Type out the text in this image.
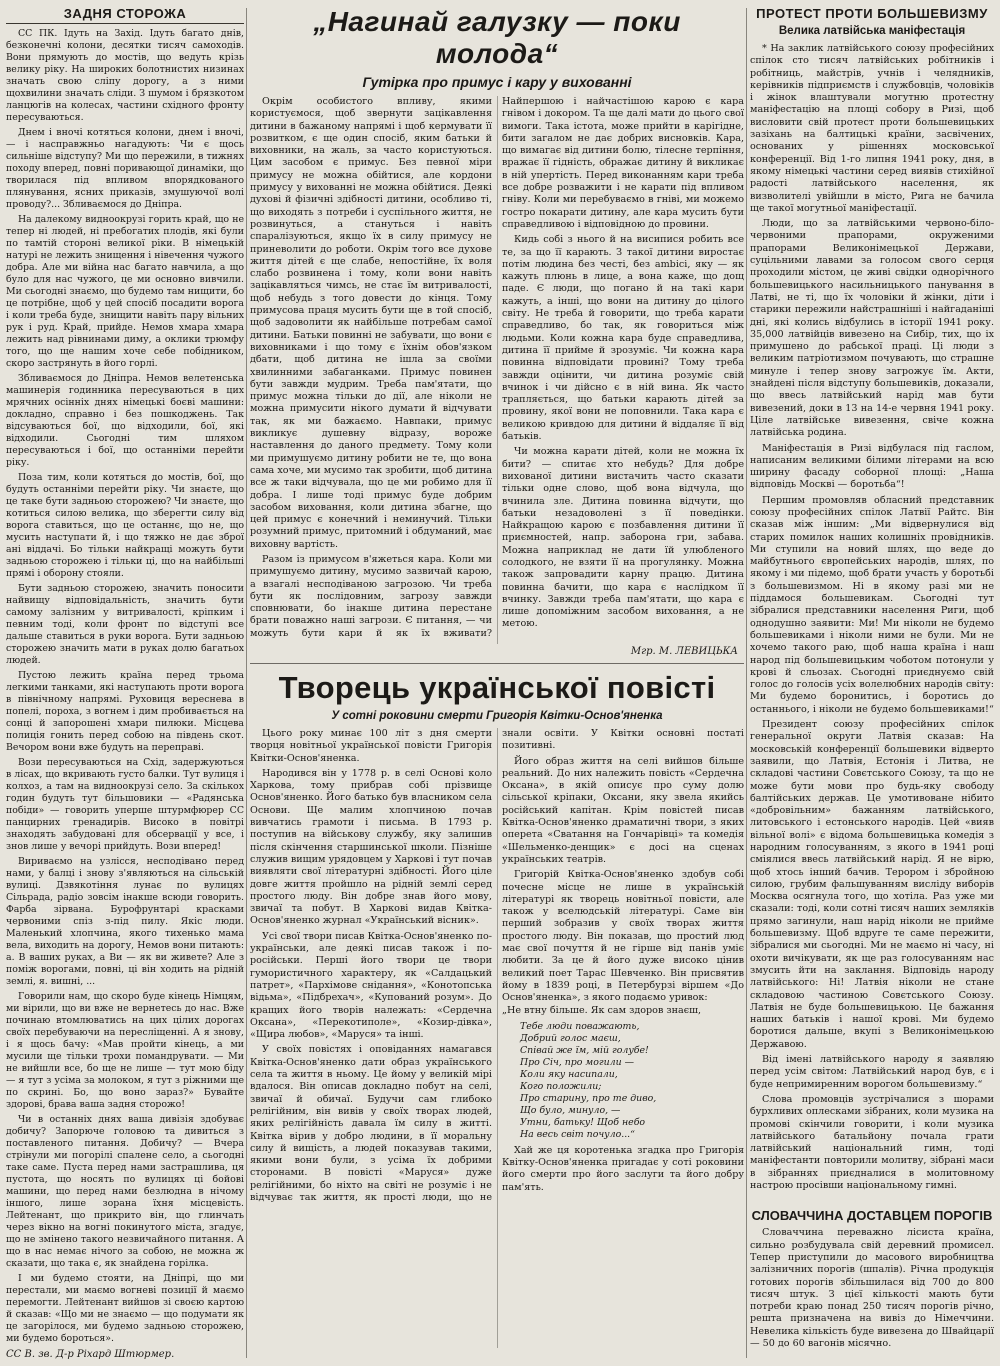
ЗАДНЯ СТОРОЖА
СС ПК. Ідуть на Захід. Ідуть багато днів, безконечні колони, десятки тисяч самоходів. Вони прямують до мостів, що ведуть крізь велику ріку. На широких болотнистих низинах значать свою сліпу дорогу, а з ними щохвилини значать сліди. З шумом і брязкотом ланцюгів на колесах, частини східного фронту пересуваються.
Днем і вночі котяться колони, днем і вночі, — і насправжньо нагадують: Чи є щось сильніше відступу? Ми що пережили, в тижнях походу вперед, повні поривающої динаміки, що творилася під впливом впорядкованого плянування, ясних приказів, змушуючої волі проводу?... Збливаємося до Дніпра.
На далекому видноокрузі горить край, що не тепер ні людей, ні пребогатих плодів, які були по тамтій стороні великої ріки. В німецькій натурі не лежить знищення і нівечення чужого добра. Але ми війна нас багато навчила, а що було для нас чужого, це ми основно вивчили. Ми сьогодні знаємо, що будемо там нищити, бо це потрібне, щоб у цей спосіб посадити ворога і коли треба буде, знищити навіть пару вільних рук і руд. Край, прийде. Немов хмара хмара лежить над рівнинами диму, а оклики трюмфу того, що ще нашим хоче себе побідником, скоро застрянуть в його горлі.
Збливаємося до Дніпра. Немов велетенська машинерія годинника пересуваються в цих мрячних осінніх днях німецькі боєві машини: докладно, справно і без пошкоджень. Так відсуваються бої, що відходили, бої, які відходили. Сьогодні тим шляхом пересуваються і бої, що останніми перейти ріку.
Поза тим, коли котяться до мостів, бої, що будуть останніми перейти ріку. Чи знаєте, що це таке бути задньою сторожею? Чи знаєте, що котиться силою велика, що зберегти силу від ворога ставиться, що це останнє, що не, що мусить наступати й, і що тяжко не дає зброї ані віддачі. Бо тільки найкращі можуть бути задньою сторожею і тільки ці, що на найбільші прямі і оборону стояли.
Бути задньою сторожею, значить поносити найвищу відповідальність, значить бути самому залізним у витривалості, кріпким і певним тоді, коли фронт по відступі все дальше ставиться в руки ворога. Бути задньою сторожею значить мати в руках долю багатьох людей.
Пустою лежить країна перед трьома легкими танками, які наступають проти ворога в північному напрямі. Руховиця вереснева в попелі, пороха, з вогнем і дим пробивається на сонці й запорошені хмари пилюки. Місцева полиція гонить перед собою на південь скот. Вечором вони вже будуть на переправі.
Вози пересуваються на Схід, задержуються в лісах, що вкривають густо балки. Тут вулиця і колхоз, а там на видноокрузі село. За скількох годин будуть тут більшовики — «Радянська побіди» — говорить уперше штурмфюрер СС панцирних гренадирів. Високо в повітрі знаходять забудовані для обсервації у все, і знов лише у вечорі прийдуть. Вози вперед!
Вириваємо на узлісся, несподівано перед нами, у балці і знову з'являються на сільській вулиці. Дзвякотіння лунає по вулицях Сільрада, радіо зовсім інакше всюди говорить. Фарба зірвана. Бурофрунтарі красками червоними спіз з-під пилу. Якіс люди. Маленький хлопчина, якого тихенько мама вела, виходить на дорогу, Немов вони питають: а. В ваших руках, а Ви — як ви живете? Але з поміж ворогами, повні, ці він ходить на рідній землі, я. вишні, ...
Говорили нам, що скоро буде кінець Німцям, ми вірили, що ви вже не вернетесь до нас. Вже починаю втомлюватись на цих цілих дорогах своїх перебуваючи на пересліщенні. А я знову, і я щось бачу: «Мав пройти кінець, а ми мусили ще тільки трохи помандрувати. — Ми не вийшли все, бо ще не лише — тут мою біду — я тут з усіма за молоком, я тут з ріжними ще по скрині. Бо, що воно зараз?» Бувайте здорові, брава ваша задня сторожо!
Чи в останніх днях ваша дивізія здобуває добичу? Запорюче головою та дивиться з поставленого питання. Добичу? — Вчера стрінули ми погорілі спалене село, а сьогодні таке саме. Пуста перед нами застрашлива, ця пустота, що носять по вулицях ці бойові машини, що перед нами безлюдна в нічому іншого, лише зорана їхня місцевість. Лейтенант, що прикрито він, що глинчать через вікно на вогні покинутого міста, згадує, що не змінено такого незвичайного питання. А що в нас немає нічого за собою, не можна ж сказати, що така є, як знайдена горілка.
І ми будемо стояти, на Дніпрі, що ми перестали, ми маємо вогневі позиції й маємо перемогти. Лейтенант вийшов зі своєю картою й сказав: «Що ми не знаємо — що подумати як це загорілося, ми будемо задньою сторожею, ми будемо бороться».
СС В. зв. Д-р Ріхард Штюрмер.
„Нагинай галузку — поки молода“
Гутірка про примус і кару у вихованні
Окрім особистого впливу, якими користуємося, щоб звернути зацікавлення дитини в бажаному напрямі і щоб кермувати її розвитком, є ще один спосіб, яким батьки й виховники, на жаль, за часто користуються. Цим засобом є примус. Без певної міри примусу не можна обійтися, але кордони примусу у вихованні не можна обійтися. Деякі духові й фізичні здібності дитини, особливо ті, що виходять з потреби і суспільного життя, не розвинуться, а стануться і навіть спаралізуються, якщо їх в силу примусу не приневолити до роботи. Окрім того все духове життя дітей є ще слабе, непостійне, їх воля слабо розвинена і тому, коли вони навіть зацікавляться чимсь, не стає їм витривалості, щоб небудь з того довести до кінця. Тому примусова праця мусить бути ще в той спосіб, щоб задоволити як найбільше потребам самої дитини. Батьки повинні не забувати, що вони є виховниками і що тому є їхнім обов'язком дбати, щоб дитина не ішла за своїми хвилинними забаганками. Примус повинен бути завжди мудрим. Треба пам'ятати, що примус можна тільки до дії, але ніколи не можна примусити нікого думати й відчувати так, як ми бажаємо. Навпаки, примус викликує душевну відразу, вороже наставлення до даного предмету. Тому коли ми примушуємо дитину робити не те, що вона сама хоче, ми мусимо так зробити, щоб дитина все ж таки відчувала, що це ми робимо для її добра. І лише тоді примус буде добрим засобом виховання, коли дитина збагне, що цей примус є конечний і неминучий. Тільки розумний примус, притомний і обдуманий, має виховну вартість.
Разом із примусом в'яжеться кара. Коли ми примушуємо дитину, мусимо зазвичай карою, а взагалі несподіваною загрозою. Чи треба бути як послідовним, загрозу завжди сповнювати, бо інакше дитина перестане брати поважно наші загрози. Є питання, — чи можуть бути кари й як їх вживати? Найпершою і найчастішою карою є кара гнівом і докором. Та ще далі мати до цього свої вимоги. Така істота, може прийти в карігідне, бити загалом не дає добрих висновків. Кара, що вимагає від дитини болю, тілесне терпіння, вражає її гідність, ображає дитину й викликає в ній упертість. Перед виконанням кари треба все добре розважити і не карати під впливом гніву. Коли ми перебуваємо в гніві, ми можемо гостро покарати дитину, але кара мусить бути справедливою і відповідною до провини.
Кидь собі з нього й на висипися робить все те, за що її карають. З такої дитини виростає потім людина без честі, без ambici, яку — як кажуть плюнь в лице, а вона каже, що дощ паде. Є люди, що погано й на такі кари кажуть, а інші, що вони на дитину до цілого світу. Не треба й говорити, що треба карати справедливо, бо так, як говориться між людьми. Коли кожна кара буде справедлива, дитина її прийме й зрозуміє. Чи кожна кара повинна відповідати провині? Тому треба завжди оцінити, чи дитина розуміє свій вчинок і чи дійсно є в ній вина. Як часто трапляється, що батьки карають дітей за провину, якої вони не поповнили. Така кара є великою кривдою для дитини й віддаляє її від батьків.
Чи можна карати дітей, коли не можна їх бити? — спитає хто небудь? Для добре вихованої дитини вистачить часто сказати тільки одне слово, щоб вона відчула, що вчинила зле. Дитина повинна відчути, що батьки незадоволені з її поведінки. Найкращою карою є позбавлення дитини її приємностей, напр. заборона гри, забава. Можна наприклад не дати їй улюбленого солодкого, не взяти її на прогулянку. Можна також запровадити карну працю. Дитина повинна бачити, що кара є наслідком її вчинку. Завжди треба пам'ятати, що кара є лише допоміжним засобом виховання, а не метою.
Мгр. М. ЛЕВИЦЬКА
Творець української повісті
У сотні роковини смерти Григорія Квітки-Основ'яненка
Цього року минає 100 літ з дня смерти творця новітньої української повісти Григорія Квітки-Основ'яненка.
Народився він у 1778 р. в селі Основі коло Харкова, тому прибрав собі прізвище Основ'яненко. Його батько був власником села Основи. Ще малим хлопчиною почав вивчатись грамоти і письма. В 1793 р. поступив на військову службу, яку залишив після скінчення старшинської школи. Пізніше служив вищим урядовцем у Харкові і тут почав виявляти свої літературні здібності. Його ціле довге життя пройшло на рідній землі серед простого люду. Він добре знав його мову, звичаї та побут. В Харкові видав Квітка-Основ'яненко журнал «Український вісник».
Усі свої твори писав Квітка-Основ'яненко по-українськи, але деякі писав також і по-російськи. Перші його твори це твори гумористичного характеру, як «Салдацький патрет», «Пархімове снідання», «Конотопська відьма», «Підбрехач», «Купований розум». До кращих його творів належать: «Сердечна Оксана», «Перекотиполе», «Козир-дівка», «Щира любов», «Маруся» та інші.
У своїх повістях і оповіданнях намагався Квітка-Основ'яненко дати образ українського села та життя в ньому. Це йому у великій мірі вдалося. Він описав докладно побут на селі, звичаї й обичаї. Будучи сам глибоко релігійним, він вивів у своїх творах людей, яких релігійність давала їм силу в житті. Квітка вірив у добро людини, в її моральну силу й вищість, а людей показував такими, якими вони були, з усіма їх добрими сторонами. В повісті «Маруся» дуже релігійними, бо ніхто на світі не розуміє і не відчуває так життя, як прості люди, що не знали освіти. У Квітки основні постаті позитивні.
Його образ життя на селі вийшов більше реальний. До них належить повість «Сердечна Оксана», в якій описує про суму долю сільської кріпаки, Оксани, яку звела якийсь російський капітан. Крім повістей писав Квітка-Основ'яненко драматичні твори, з яких оперета «Сватання на Гончарівці» та комедія «Шельменко-денщик» є досі на сценах українських театрів.
Григорій Квітка-Основ'яненко здобув собі почесне місце не лише в українській літературі як творець новітньої повісти, але також у вселюдській літературі. Саме він перший зобразив у своїх творах життя простого люду. Він показав, що простий люд має свої почуття й не гірше від панів уміє любити. За це й його дуже високо цінив великий поет Тарас Шевченко. Він присвятив йому в 1839 році, в Петербурзі віршем «До Основ'яненка», з якого подаємо уривок:
„Не втну більше. Як сам здоров знаєш,
Тебе люди поважають,
Добрий голос маєш,
Співай же їм, мій голубе!
Про Січ, про могили —
Коли яку насипали,
Кого положили;
Про старину, про те диво,
Що було, минуло, —
Утни, батьку! Щоб небо
На весь світ почуло...“
Хай же ця коротенька згадка про Григорія Квітку-Основ'яненка пригадає у соті роковини його смерти про його заслуги та його добру пам'ять.
ПРОТЕСТ ПРОТИ БОЛЬШЕВИЗМУ
Велика латвійська маніфестація
* На заклик латвійського союзу професійних спілок сто тисяч латвійських робітників і робітниць, майстрів, учнів і челядників, керівників підприємств і службовців, чоловіків і жінок влаштували могутню протестну маніфестацію на площі собору в Ризі, щоб висловити свій протест проти большевицьких зазіхань на балтицькі країни, засвічених, основаних у рішеннях московської конференції. Від 1-го липня 1941 року, дня, в якому німецькі частини серед виявів стихійної радості латвійського населення, як визволителі увійшли в місто, Рига не бачила ще такої могутньої маніфестації.
Люди, що за латвійськими червоно-біло-червоними прапорами, окруженими прапорами Великонімецької Держави, суцільними лавами за голосом свого серця проходили містом, це живі свідки однорічного большевицького насильницького панування в Латві, не ті, що їх чоловіки й жінки, діти і старики пережили найстрашніші і найгаданіші дні, які колись відбулись в історії 1941 року. 35,000 латвійців вивезено на Сибір, тих, що іх примушено до рабської праці. Ці люди з великим патріотизмом почувають, що страшне минуле і тепер знову загрожує їм. Акти, знайдені після відступу большевиків, доказали, що ввесь латвійський нарід мав бути вивезений, доки в 13 на 14-е червня 1941 року. Ціле латвійське вивезення, свіче кожна латвійська родина.
Маніфестація в Ризі відбулася під гаслом, написаним великими білими літерами на всю ширину фасаду соборної площі: „Наша відповідь Москві — боротьба“!
Першим промовляв обласний представник союзу професійних спілок Латвії Райтс. Він сказав між іншим: „Ми відвернулися від старих помилок наших колишніх провідників. Ми ступили на новий шлях, що веде до майбутнього європейських народів, шлях, по якому і ми підемо, щоб брати участь у боротьбі з большевизмом. Ні в якому разі ми не піддамося большевикам. Сьогодні тут зібралися представники населення Риги, щоб однодушно заявити: Ми! Ми ніколи не будемо большевиками і ніколи ними не були. Ми не хочемо такого раю, щоб наша країна і наш народ під большевицьким чоботом потонули у крові й сльозах. Сьогодні приєднуємо свій голос до голосів усіх волелюбних народів світу: Ми будемо боронитись, і боротись до останнього, і ніколи не будемо большевиками!“
Президент союзу професійних спілок генеральної округи Латвія сказав: На московській конференції большевики відверто заявили, що Латвія, Естонія і Литва, не складові частини Совєтського Союзу, та що не може бути мови про будь-яку свободу балтійських держав. Це умотивоване нібито «добровільним» бажанням латвійського, литовського і естонського народів. Цей «вияв вільної волі» є відома большевицька комедія з народним голосуванням, з якого в 1941 році сміялися ввесь латвійський нарід. Я не вірю, щоб хтось інший бачив. Терором і збройною силою, грубим фальшуванням висліду виборів Москва осягнула того, що хотіла. Раз уже ми сказали: тоді, коли сотні тисяч наших земляків прямо загинули, наш нарід ніколи не прийме большевизму. Щоб вдруге те саме пережити, зібралися ми сьогодні. Ми не маємо ні часу, ні охоти вичікувати, як ще раз голосуванням нас змусить йти на заклання. Відповідь народу латвійського: Ні! Латвія ніколи не стане складовою частиною Совєтського Союзу. Латвія не буде большевицькою. Це бажання наших батьків і нашої крові. Ми будемо боротися дальше, вкупі з Великонімецькою Державою.
Від імені латвійського народу я заявляю перед усім світом: Латвійський народ був, є і буде непримиренним ворогом большевизму.“
Слова промовців зустрічалися з шорами бурхливих оплесками зібраних, коли музика на промові скінчили говорити, і коли музика латвійського батальйону почала грати латвійський національний гимн, тоді маніфестанти повторили молитву, зібрані маси в зібраннях приєдналися в молитовному настрою просівши національному гимні.
СЛОВАЧЧИНА ДОСТАВЦЕМ ПОРОГІВ
Словаччина переважно лісиста країна, сильно розбудувала свій деревний промисел. Тепер приступили до масового виробництва залізничних порогів (шпалів). Річна продукція готових порогів збільшилася від 700 до 800 тисяч штук. З цієї кількості мають бути потреби краю понад 250 тисяч порогів річно, решта призначена на вивіз до Німеччини. Невелика кількість буде вивезена до Швайцарії — 50 до 60 вагонів місячно.
